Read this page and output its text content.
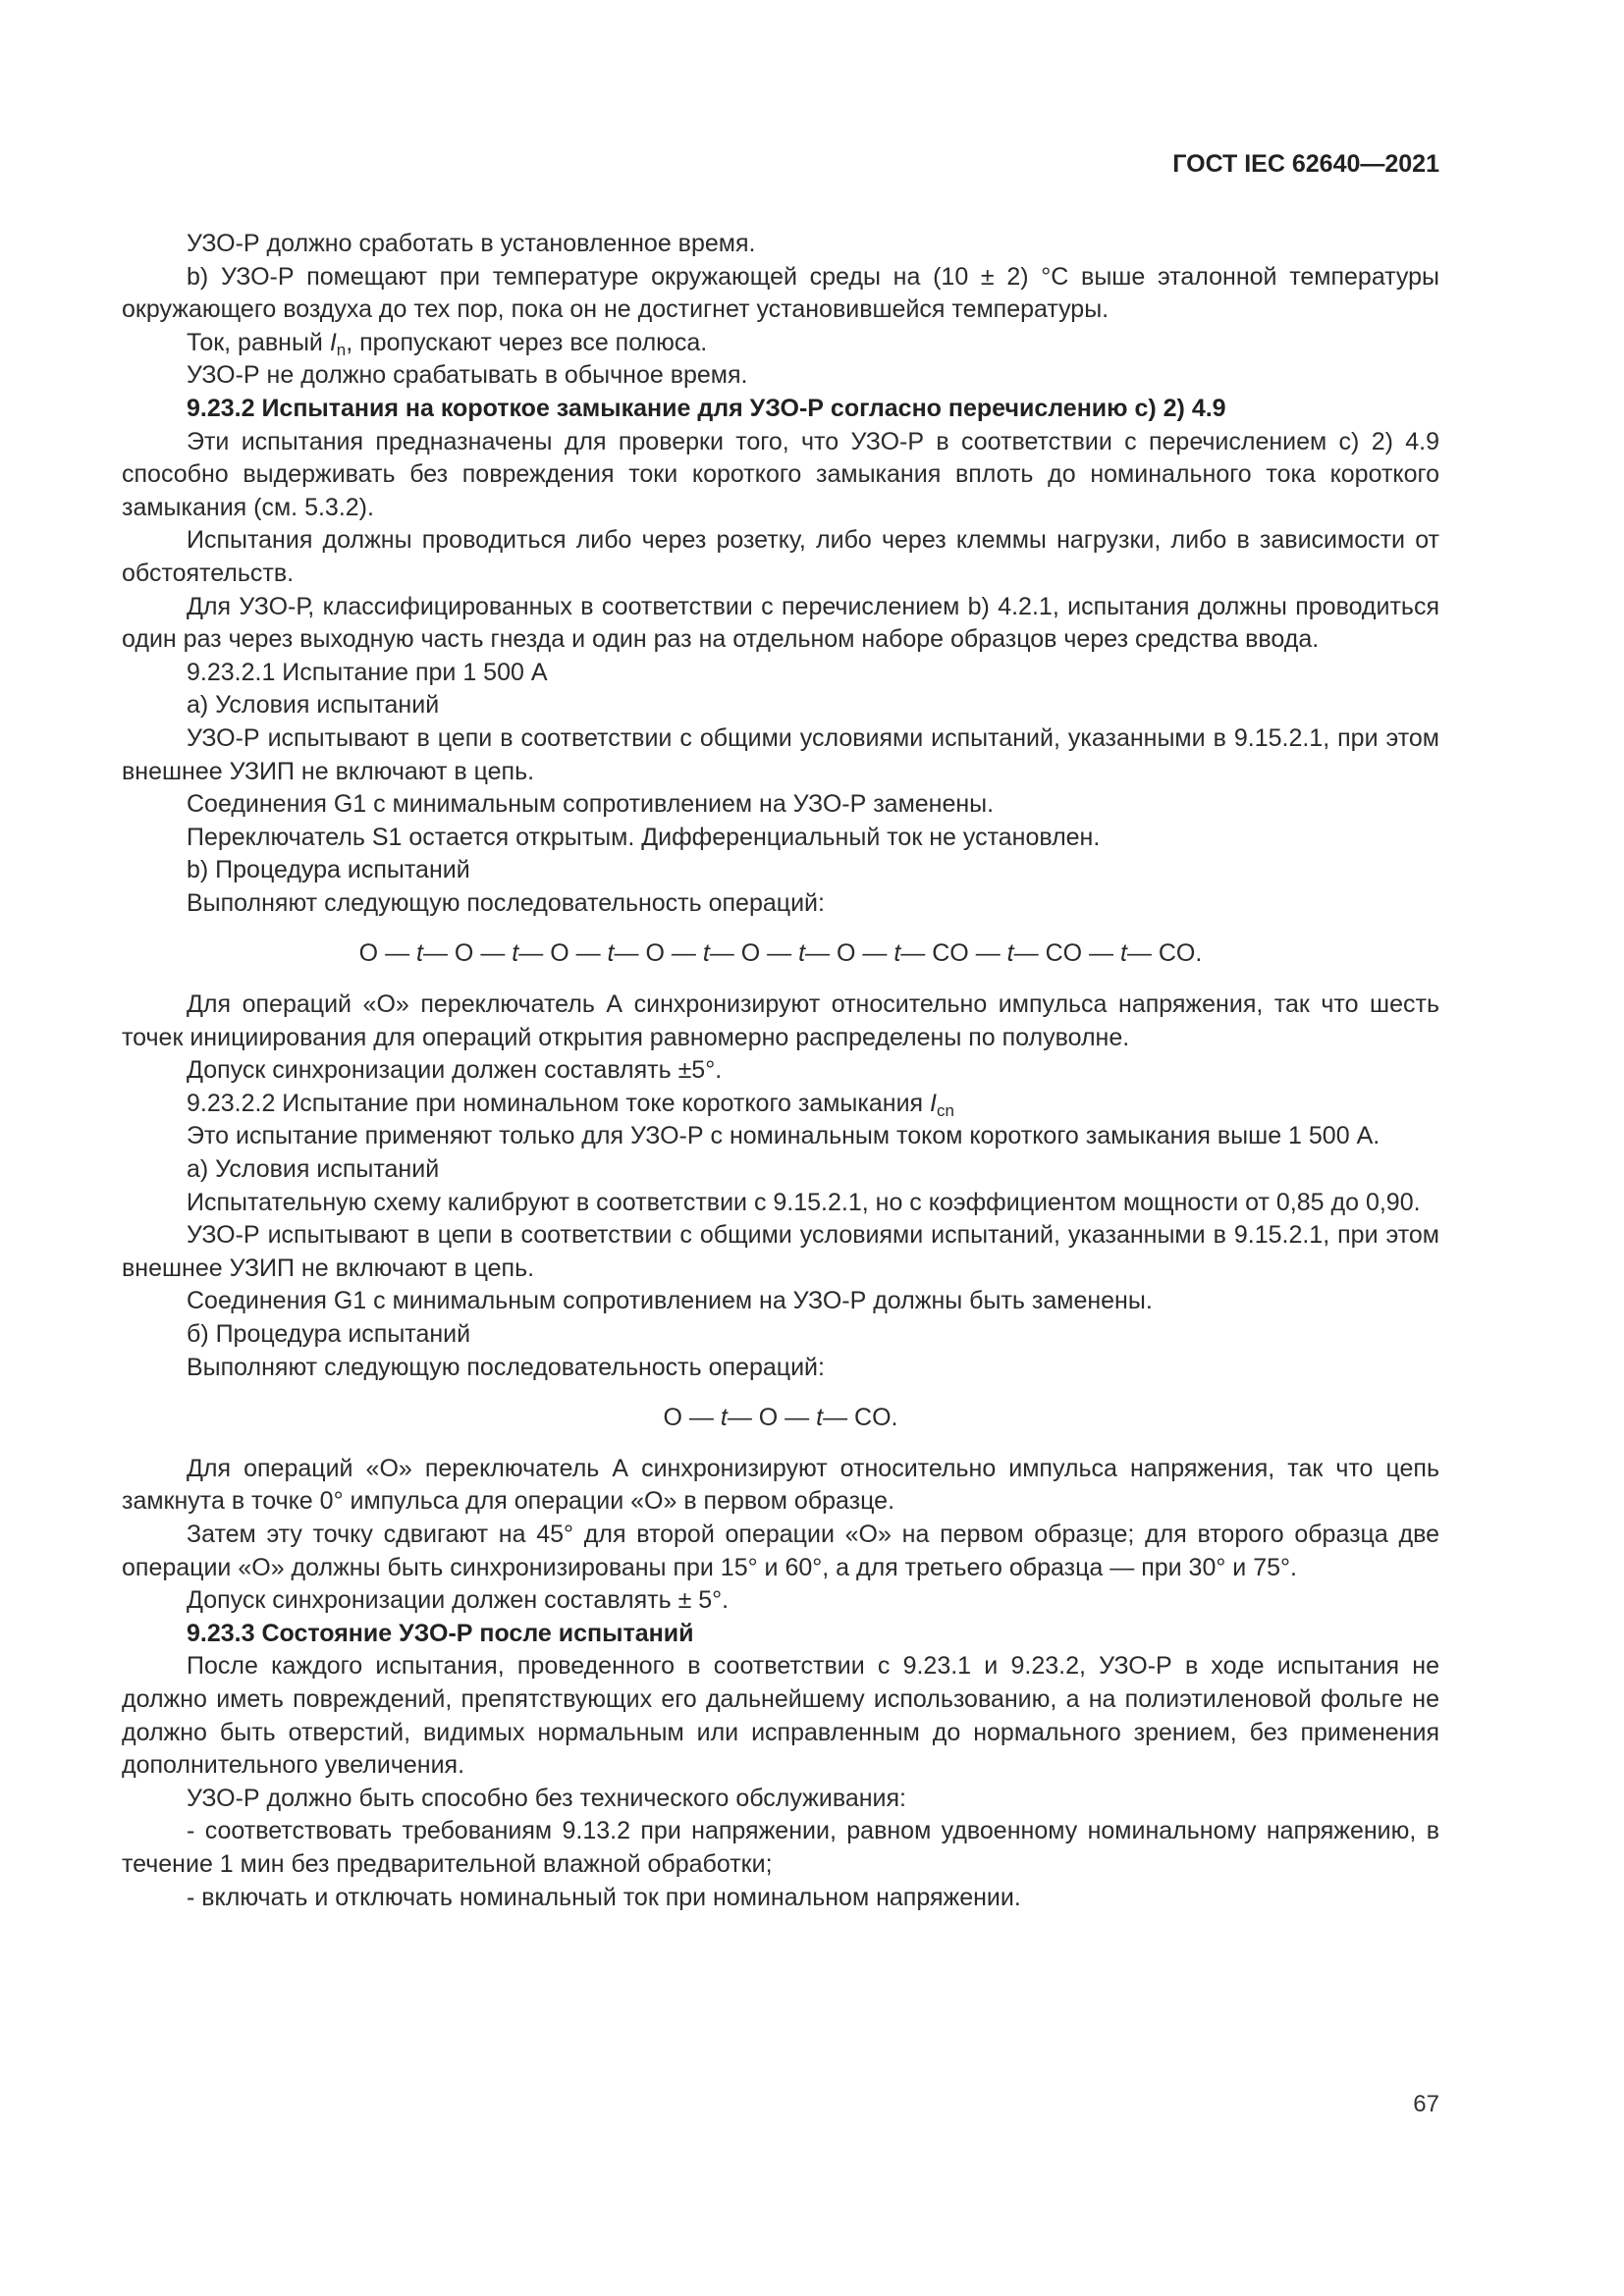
ГОСТ IEC 62640—2021

УЗО-Р должно сработать в установленное время.

b) УЗО-Р помещают при температуре окружающей среды на (10 ± 2) °C выше эталонной температуры окружающего воздуха до тех пор, пока он не достигнет установившейся температуры.

Ток, равный $I_n$, пропускают через все полюса.

УЗО-Р не должно срабатывать в обычное время.

9.23.2 Испытания на короткое замыкание для УЗО-Р согласно перечислению с) 2) 4.9

Эти испытания предназначены для проверки того, что УЗО-Р в соответствии с перечислением с) 2) 4.9 способно выдерживать без повреждения токи короткого замыкания вплоть до номинального тока короткого замыкания (см. 5.3.2).

Испытания должны проводиться либо через розетку, либо через клеммы нагрузки, либо в зависимости от обстоятельств.

Для УЗО-Р, классифицированных в соответствии с перечислением b) 4.2.1, испытания должны проводиться один раз через выходную часть гнезда и один раз на отдельном наборе образцов через средства ввода.

9.23.2.1 Испытание при 1 500 А

а) Условия испытаний

УЗО-Р испытывают в цепи в соответствии с общими условиями испытаний, указанными в 9.15.2.1, при этом внешнее УЗИП не включают в цепь.

Соединения G1 с минимальным сопротивлением на УЗО-Р заменены.

Переключатель S1 остается открытым. Дифференциальный ток не установлен.

b) Процедура испытаний

Выполняют следующую последовательность операций:

О — t— О — t— О — t— О — t— О — t— О — t— CO — t— CO — t— CO.

Для операций «О» переключатель А синхронизируют относительно импульса напряжения, так что шесть точек инициирования для операций открытия равномерно распределены по полуволне.

Допуск синхронизации должен составлять ±5°.

9.23.2.2 Испытание при номинальном токе короткого замыкания $I_{cn}$

Это испытание применяют только для УЗО-Р с номинальным током короткого замыкания выше 1 500 А.

а) Условия испытаний

Испытательную схему калибруют в соответствии с 9.15.2.1, но с коэффициентом мощности от 0,85 до 0,90.

УЗО-Р испытывают в цепи в соответствии с общими условиями испытаний, указанными в 9.15.2.1, при этом внешнее УЗИП не включают в цепь.

Соединения G1 с минимальным сопротивлением на УЗО-Р должны быть заменены.

б) Процедура испытаний

Выполняют следующую последовательность операций:

О — t— О — t— CO.

Для операций «О» переключатель А синхронизируют относительно импульса напряжения, так что цепь замкнута в точке 0° импульса для операции «О» в первом образце.

Затем эту точку сдвигают на 45° для второй операции «О» на первом образце; для второго образца две операции «О» должны быть синхронизированы при 15° и 60°, а для третьего образца — при 30° и 75°.

Допуск синхронизации должен составлять ± 5°.

9.23.3 Состояние УЗО-Р после испытаний

После каждого испытания, проведенного в соответствии с 9.23.1 и 9.23.2, УЗО-Р в ходе испытания не должно иметь повреждений, препятствующих его дальнейшему использованию, а на полиэтиленовой фольге не должно быть отверстий, видимых нормальным или исправленным до нормального зрением, без применения дополнительного увеличения.

УЗО-Р должно быть способно без технического обслуживания:

- соответствовать требованиям 9.13.2 при напряжении, равном удвоенному номинальному напряжению, в течение 1 мин без предварительной влажной обработки;

- включать и отключать номинальный ток при номинальном напряжении.

67
